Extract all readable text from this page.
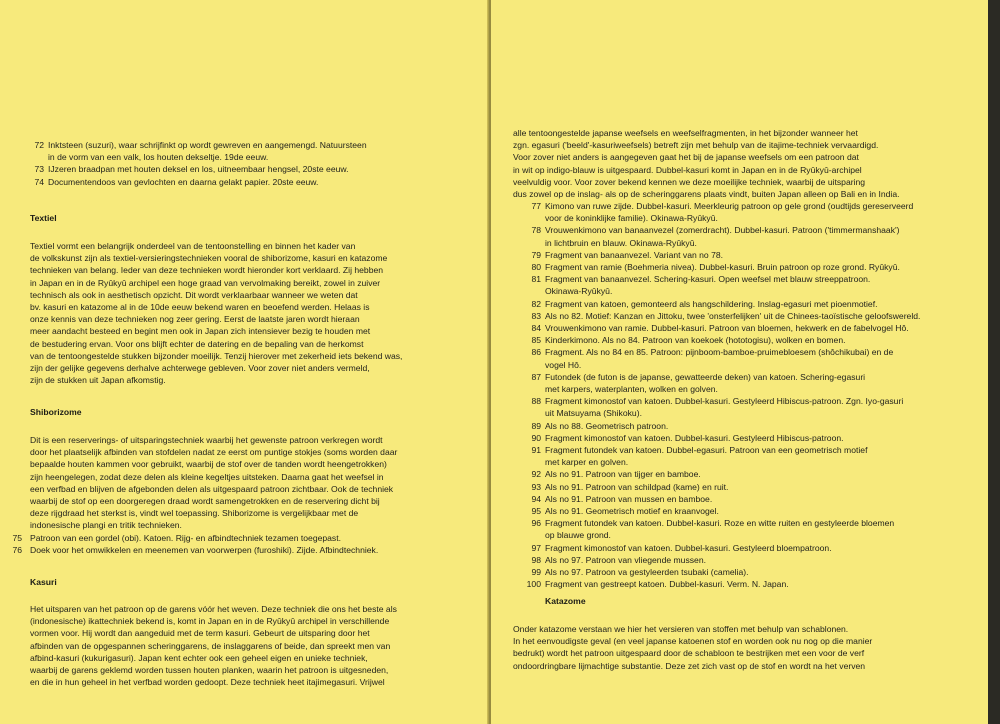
72 Inktsteen (suzuri), waar schrijfinkt op wordt gewreven en aangemengd. Natuursteen
in de vorm van een valk, los houten dekseltje. 19de eeuw.
73 IJzeren braadpan met houten deksel en los, uitneembaar hengsel, 20ste eeuw.
74 Documentendoos van gevlochten en daarna gelakt papier. 20ste eeuw.
Textiel
Textiel vormt een belangrijk onderdeel van de tentoonstelling en binnen het kader van
de volkskunst zijn als textiel-versieringstechnieken vooral de shiborizome, kasuri en katazome
technieken van belang. Ieder van deze technieken wordt hieronder kort verklaard. Zij hebben
in Japan en in de Ryûkyû archipel een hoge graad van vervolmaking bereikt, zowel in zuiver
technisch als ook in aesthetisch opzicht. Dit wordt verklaarbaar wanneer we weten dat
bv. kasuri en katazome al in de 10de eeuw bekend waren en beoefend werden. Helaas is
onze kennis van deze technieken nog zeer gering. Eerst de laatste jaren wordt hieraan
meer aandacht besteed en begint men ook in Japan zich intensiever bezig te houden met
de bestudering ervan. Voor ons blijft echter de datering en de bepaling van de herkomst
van de tentoongestelde stukken bijzonder moeilijk. Tenzij hierover met zekerheid iets bekend was,
zijn der gelijke gegevens derhalve achterwege gebleven. Voor zover niet anders vermeld,
zijn de stukken uit Japan afkomstig.
Shiborizome
Dit is een reserverings- of uitsparingstechniek waarbij het gewenste patroon verkregen wordt
door het plaatselijk afbinden van stofdelen nadat ze eerst om puntige stokjes (soms worden daar
bepaalde houten kammen voor gebruikt, waarbij de stof over de tanden wordt heengetrokken)
zijn heengelegen, zodat deze delen als kleine kegeltjes uitsteken. Daarna gaat het weefsel in
een verfbad en blijven de afgebonden delen als uitgespaard patroon zichtbaar. Ook de techniek
waarbij de stof op een doorgeregen draad wordt samengetrokken en de reservering dicht bij
deze rijgdraad het sterkst is, vindt wel toepassing. Shiborizome is vergelijkbaar met de
indonesische plangi en tritik technieken.
75 Patroon van een gordel (obi). Katoen. Rijg- en afbindtechniek tezamen toegepast.
76 Doek voor het omwikkelen en meenemen van voorwerpen (furoshiki). Zijde. Afbindtechniek.
Kasuri
Het uitsparen van het patroon op de garens vóór het weven. Deze techniek die ons het beste als
(indonesische) ikattechniek bekend is, komt in Japan en in de Ryûkyû archipel in verschillende
vormen voor. Hij wordt dan aangeduid met de term kasuri. Gebeurt de uitsparing door het
afbinden van de opgespannen scheringgarens, de inslaggarens of beide, dan spreekt men van
afbind-kasuri (kukurigasuri). Japan kent echter ook een geheel eigen en unieke techniek,
waarbij de garens geklemd worden tussen houten planken, waarin het patroon is uitgesneden,
en die in hun geheel in het verfbad worden gedoopt. Deze techniek heet itajimegasuri. Vrijwel
alle tentoongestelde japanse weefsels en weefselfragmenten, in het bijzonder wanneer het
zgn. egasuri ('beeld'-kasuriweefsels) betreft zijn met behulp van de itajime-techniek vervaardigd.
Voor zover niet anders is aangegeven gaat het bij de japanse weefsels om een patroon dat
in wit op indigo-blauw is uitgespaard. Dubbel-kasuri komt in Japan en in de Ryûkyû-archipel
veelvuldig voor. Voor zover bekend kennen we deze moeilijke techniek, waarbij de uitsparing
dus zowel op de inslag- als op de scheringgarens plaats vindt, buiten Japan alleen op Bali en in India.
77 Kimono van ruwe zijde. Dubbel-kasuri. Meerkleurig patroon op gele grond (oudtijds gereserveerd
voor de koninklijke familie). Okinawa-Ryûkyû.
78 Vrouwenkimono van banaanvezel (zomerdracht). Dubbel-kasuri. Patroon ('timmermanshaak')
in lichtbruin en blauw. Okinawa-Ryûkyû.
79 Fragment van banaanvezel. Variant van no 78.
80 Fragment van ramie (Boehmeria nivea). Dubbel-kasuri. Bruin patroon op roze grond. Ryûkyû.
81 Fragment van banaanvezel. Schering-kasuri. Open weefsel met blauw streeppatroon.
Okinawa-Ryûkyû.
82 Fragment van katoen, gemonteerd als hangschildering. Inslag-egasuri met pioenmotief.
83 Als no 82. Motief: Kanzan en Jittoku, twee 'onsterfelijken' uit de Chinees-taoïstische geloofswereld.
84 Vrouwenkimono van ramie. Dubbel-kasuri. Patroon van bloemen, hekwerk en de fabelvogel Hô.
85 Kinderkimono. Als no 84. Patroon van koekoek (hototogisu), wolken en bomen.
86 Fragment. Als no 84 en 85. Patroon: pijnboom-bamboe-pruimebloesem (shôchikubai) en de
vogel Hô.
87 Futondek (de futon is de japanse, gewatteerde deken) van katoen. Schering-egasuri
met karpers, waterplanten, wolken en golven.
88 Fragment kimonostof van katoen. Dubbel-kasuri. Gestyleerd Hibiscus-patroon. Zgn. Iyo-gasuri
uit Matsuyama (Shikoku).
89 Als no 88. Geometrisch patroon.
90 Fragment kimonostof van katoen. Dubbel-kasuri. Gestyleerd Hibiscus-patroon.
91 Fragment futondek van katoen. Dubbel-egasuri. Patroon van een geometrisch motief
met karper en golven.
92 Als no 91. Patroon van tijger en bamboe.
93 Als no 91. Patroon van schildpad (kame) en ruit.
94 Als no 91. Patroon van mussen en bamboe.
95 Als no 91. Geometrisch motief en kraanvogel.
96 Fragment futondek van katoen. Dubbel-kasuri. Roze en witte ruiten en gestyleerde bloemen
op blauwe grond.
97 Fragment kimonostof van katoen. Dubbel-kasuri. Gestyleerd bloempatroon.
98 Als no 97. Patroon van vliegende mussen.
99 Als no 97. Patroon va gestyleerden tsubaki (camelia).
100 Fragment van gestreept katoen. Dubbel-kasuri. Verm. N. Japan.
Katazome
Onder katazome verstaan we hier het versieren van stoffen met behulp van schablonen.
In het eenvoudigste geval (en veel japanse katoenen stof en worden ook nu nog op die manier
bedrukt) wordt het patroon uitgespaard door de schabloon te bestrijken met een voor de verf
ondoordringbare lijmachtige substantie. Deze zet zich vast op de stof en wordt na het verven
